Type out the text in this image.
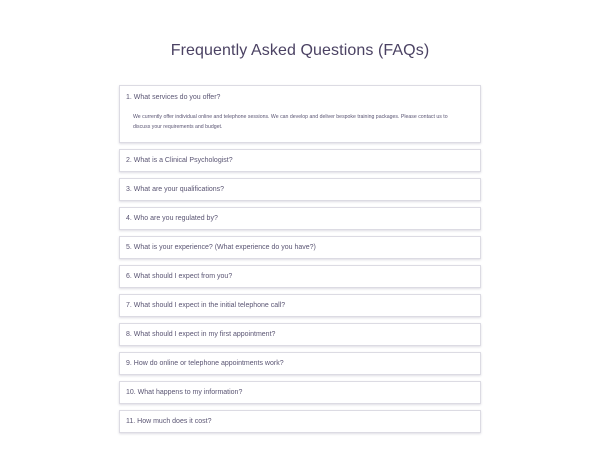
Frequently Asked Questions (FAQs)
1. What services do you offer?
We currently offer individual online and telephone sessions. We can develop and deliver bespoke training packages. Please contact us to discuss your requirements and budget.
2. What is a Clinical Psychologist?
3. What are your qualifications?
4. Who are you regulated by?
5. What is your experience? (What experience do you have?)
6. What should I expect from you?
7. What should I expect in the initial telephone call?
8. What should I expect in my first appointment?
9. How do online or telephone appointments work?
10. What happens to my information?
11. How much does it cost?
